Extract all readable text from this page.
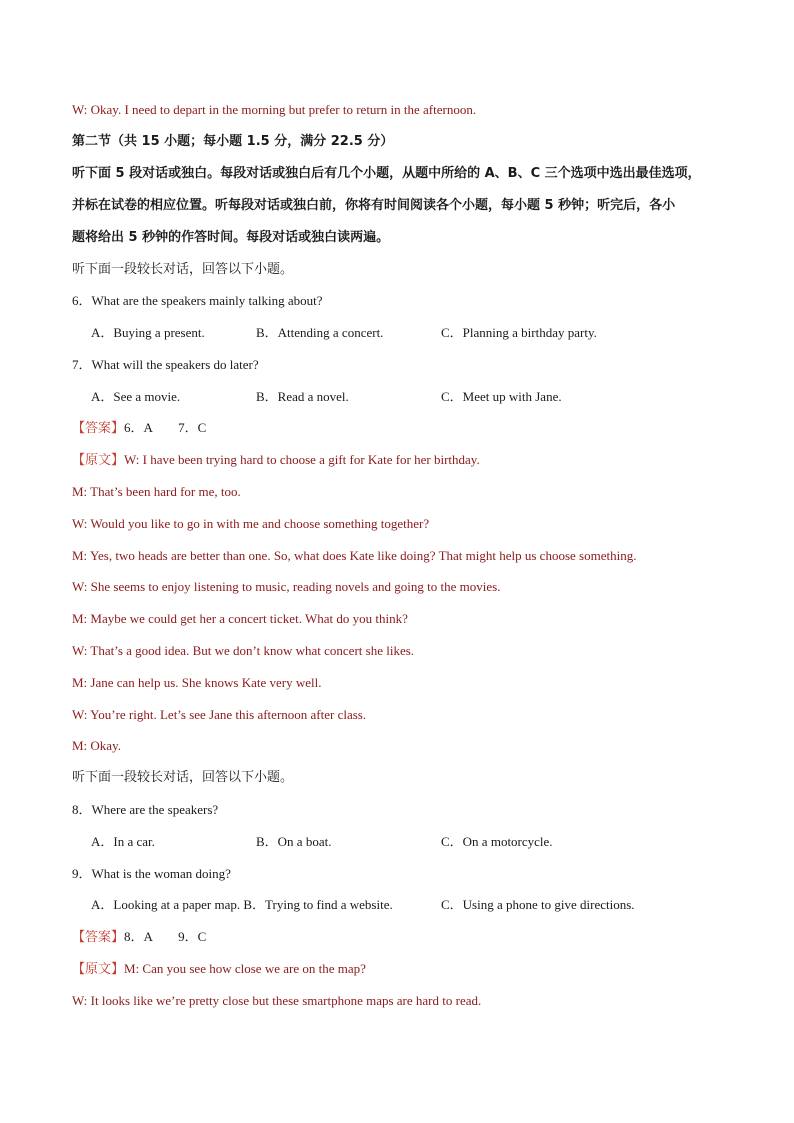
W: Okay. I need to depart in the morning but prefer to return in the afternoon.
第二节（共 15 小题；每小题 1.5 分，满分 22.5 分）
听下面 5 段对话或独白。每段对话或独白后有几个小题，从题中所给的 A、B、C 三个选项中选出最佳选项，
并标在试卷的相应位置。听每段对话或独白前，你将有时间阅读各个小题，每小题 5 秒钟；听完后，各小
题将给出 5 秒钟的作答时间。每段对话或独白读两遍。
听下面一段较长对话，回答以下小题。
6．What are the speakers mainly talking about?
A．Buying a present.	B．Attending a concert.	C．Planning a birthday party.
7．What will the speakers do later?
A．See a movie.	B．Read a novel.	C．Meet up with Jane.
【答案】6．A        7．C
【原文】W: I have been trying hard to choose a gift for Kate for her birthday.
M: That’s been hard for me, too.
W: Would you like to go in with me and choose something together?
M: Yes, two heads are better than one. So, what does Kate like doing? That might help us choose something.
W: She seems to enjoy listening to music, reading novels and going to the movies.
M: Maybe we could get her a concert ticket. What do you think?
W: That’s a good idea. But we don’t know what concert she likes.
M: Jane can help us. She knows Kate very well.
W: You’re right. Let’s see Jane this afternoon after class.
M: Okay.
听下面一段较长对话，回答以下小题。
8．Where are the speakers?
A．In a car.	B．On a boat.	C．On a motorcycle.
9．What is the woman doing?
A．Looking at a paper map. B．Trying to find a website.	C．Using a phone to give directions.
【答案】8．A        9．C
【原文】M: Can you see how close we are on the map?
W: It looks like we’re pretty close but these smartphone maps are hard to read.
